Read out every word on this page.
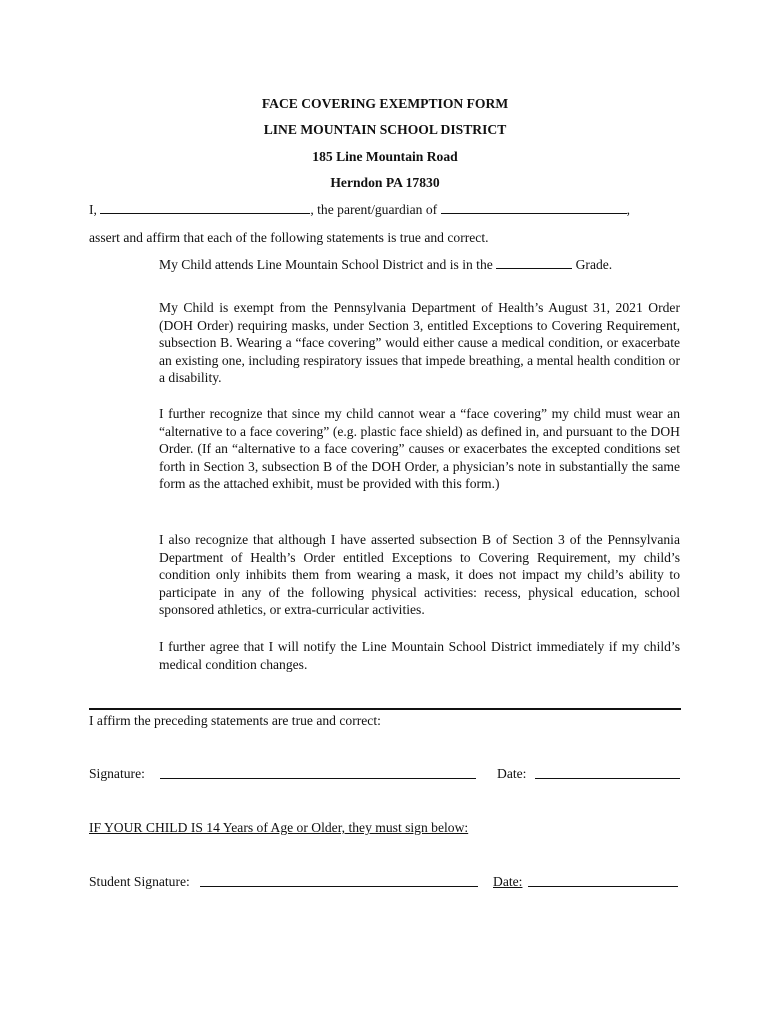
FACE COVERING EXEMPTION FORM
LINE MOUNTAIN SCHOOL DISTRICT
185 Line Mountain Road
Herndon PA 17830
I,	, the parent/guardian of	,
assert and affirm that each of the following statements is true and correct.
My Child attends Line Mountain School District and is in the	Grade.

My Child is exempt from the Pennsylvania Department of Health’s August 31, 2021 Order (DOH Order) requiring masks, under Section 3, entitled Exceptions to Covering Requirement, subsection B. Wearing a “face covering” would either cause a medical condition, or exacerbate an existing one, including respiratory issues that impede breathing, a mental health condition or a disability.

I further recognize that since my child cannot wear a “face covering” my child must wear an “alternative to a face covering” (e.g. plastic face shield) as defined in, and pursuant to the DOH Order. (If an “alternative to a face covering” causes or exacerbates the excepted conditions set forth in Section 3, subsection B of the DOH Order, a physician’s note in substantially the same form as the attached exhibit, must be provided with this form.)

I also recognize that although I have asserted subsection B of Section 3 of the Pennsylvania Department of Health’s Order entitled Exceptions to Covering Requirement, my child’s condition only inhibits them from wearing a mask, it does not impact my child’s ability to participate in any of the following physical activities: recess, physical education, school sponsored athletics, or extra-curricular activities.

I further agree that I will notify the Line Mountain School District immediately if my child’s medical condition changes.

I affirm the preceding statements are true and correct:
Signature:	Date:
IF YOUR CHILD IS 14 Years of Age or Older, they must sign below:
Student Signature:	Date:
